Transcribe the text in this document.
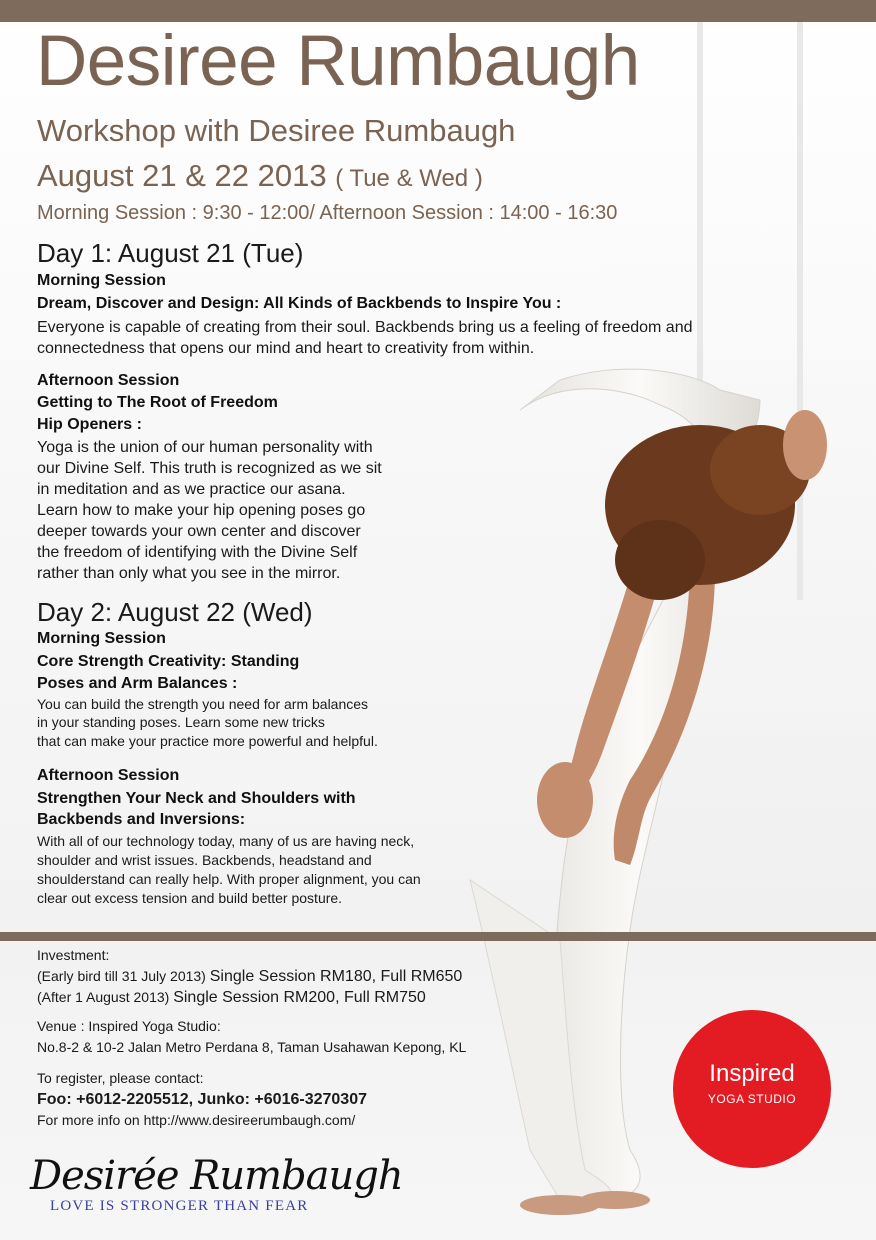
Desiree Rumbaugh
Workshop with Desiree Rumbaugh
August 21 & 22 2013 ( Tue & Wed )
Morning Session : 9:30 - 12:00/ Afternoon Session : 14:00 - 16:30
Day 1: August 21 (Tue)
Morning Session
Dream, Discover and Design: All Kinds of Backbends to Inspire You :
Everyone is capable of creating from their soul. Backbends bring us a feeling of freedom and
connectedness that opens our mind and heart to creativity from within.
Afternoon Session
Getting to The Root of Freedom
Hip Openers :
Yoga is the union of our human personality with
our Divine Self. This truth is recognized as we sit
in meditation and as we practice our asana.
Learn how to make your hip opening poses go
deeper towards your own center and discover
the freedom of identifying with the Divine Self
rather than only what you see in the mirror.
Day 2: August 22 (Wed)
Morning Session
Core Strength Creativity: Standing
Poses and Arm Balances :
You can build the strength you need for arm balances
in your standing poses. Learn some new tricks
that can make your practice more powerful and helpful.
Afternoon Session
Strengthen Your Neck and Shoulders with
Backbends and Inversions:
With all of our technology today, many of us are having neck,
shoulder and wrist issues. Backbends, headstand and
shoulderstand can really help. With proper alignment, you can
clear out excess tension and build better posture.
Investment:
(Early bird till 31 July 2013) Single Session RM180, Full RM650
(After 1 August 2013) Single Session RM200, Full RM750
Venue : Inspired Yoga Studio:
No.8-2 & 10-2 Jalan Metro Perdana 8, Taman Usahawan Kepong, KL
To register, please contact:
Foo: +6012-2205512, Junko: +6016-3270307
For more info on http://www.desireerumbaugh.com/
Inspired
YOGA STUDIO
Desirée Rumbaugh
LOVE IS STRONGER THAN FEAR
